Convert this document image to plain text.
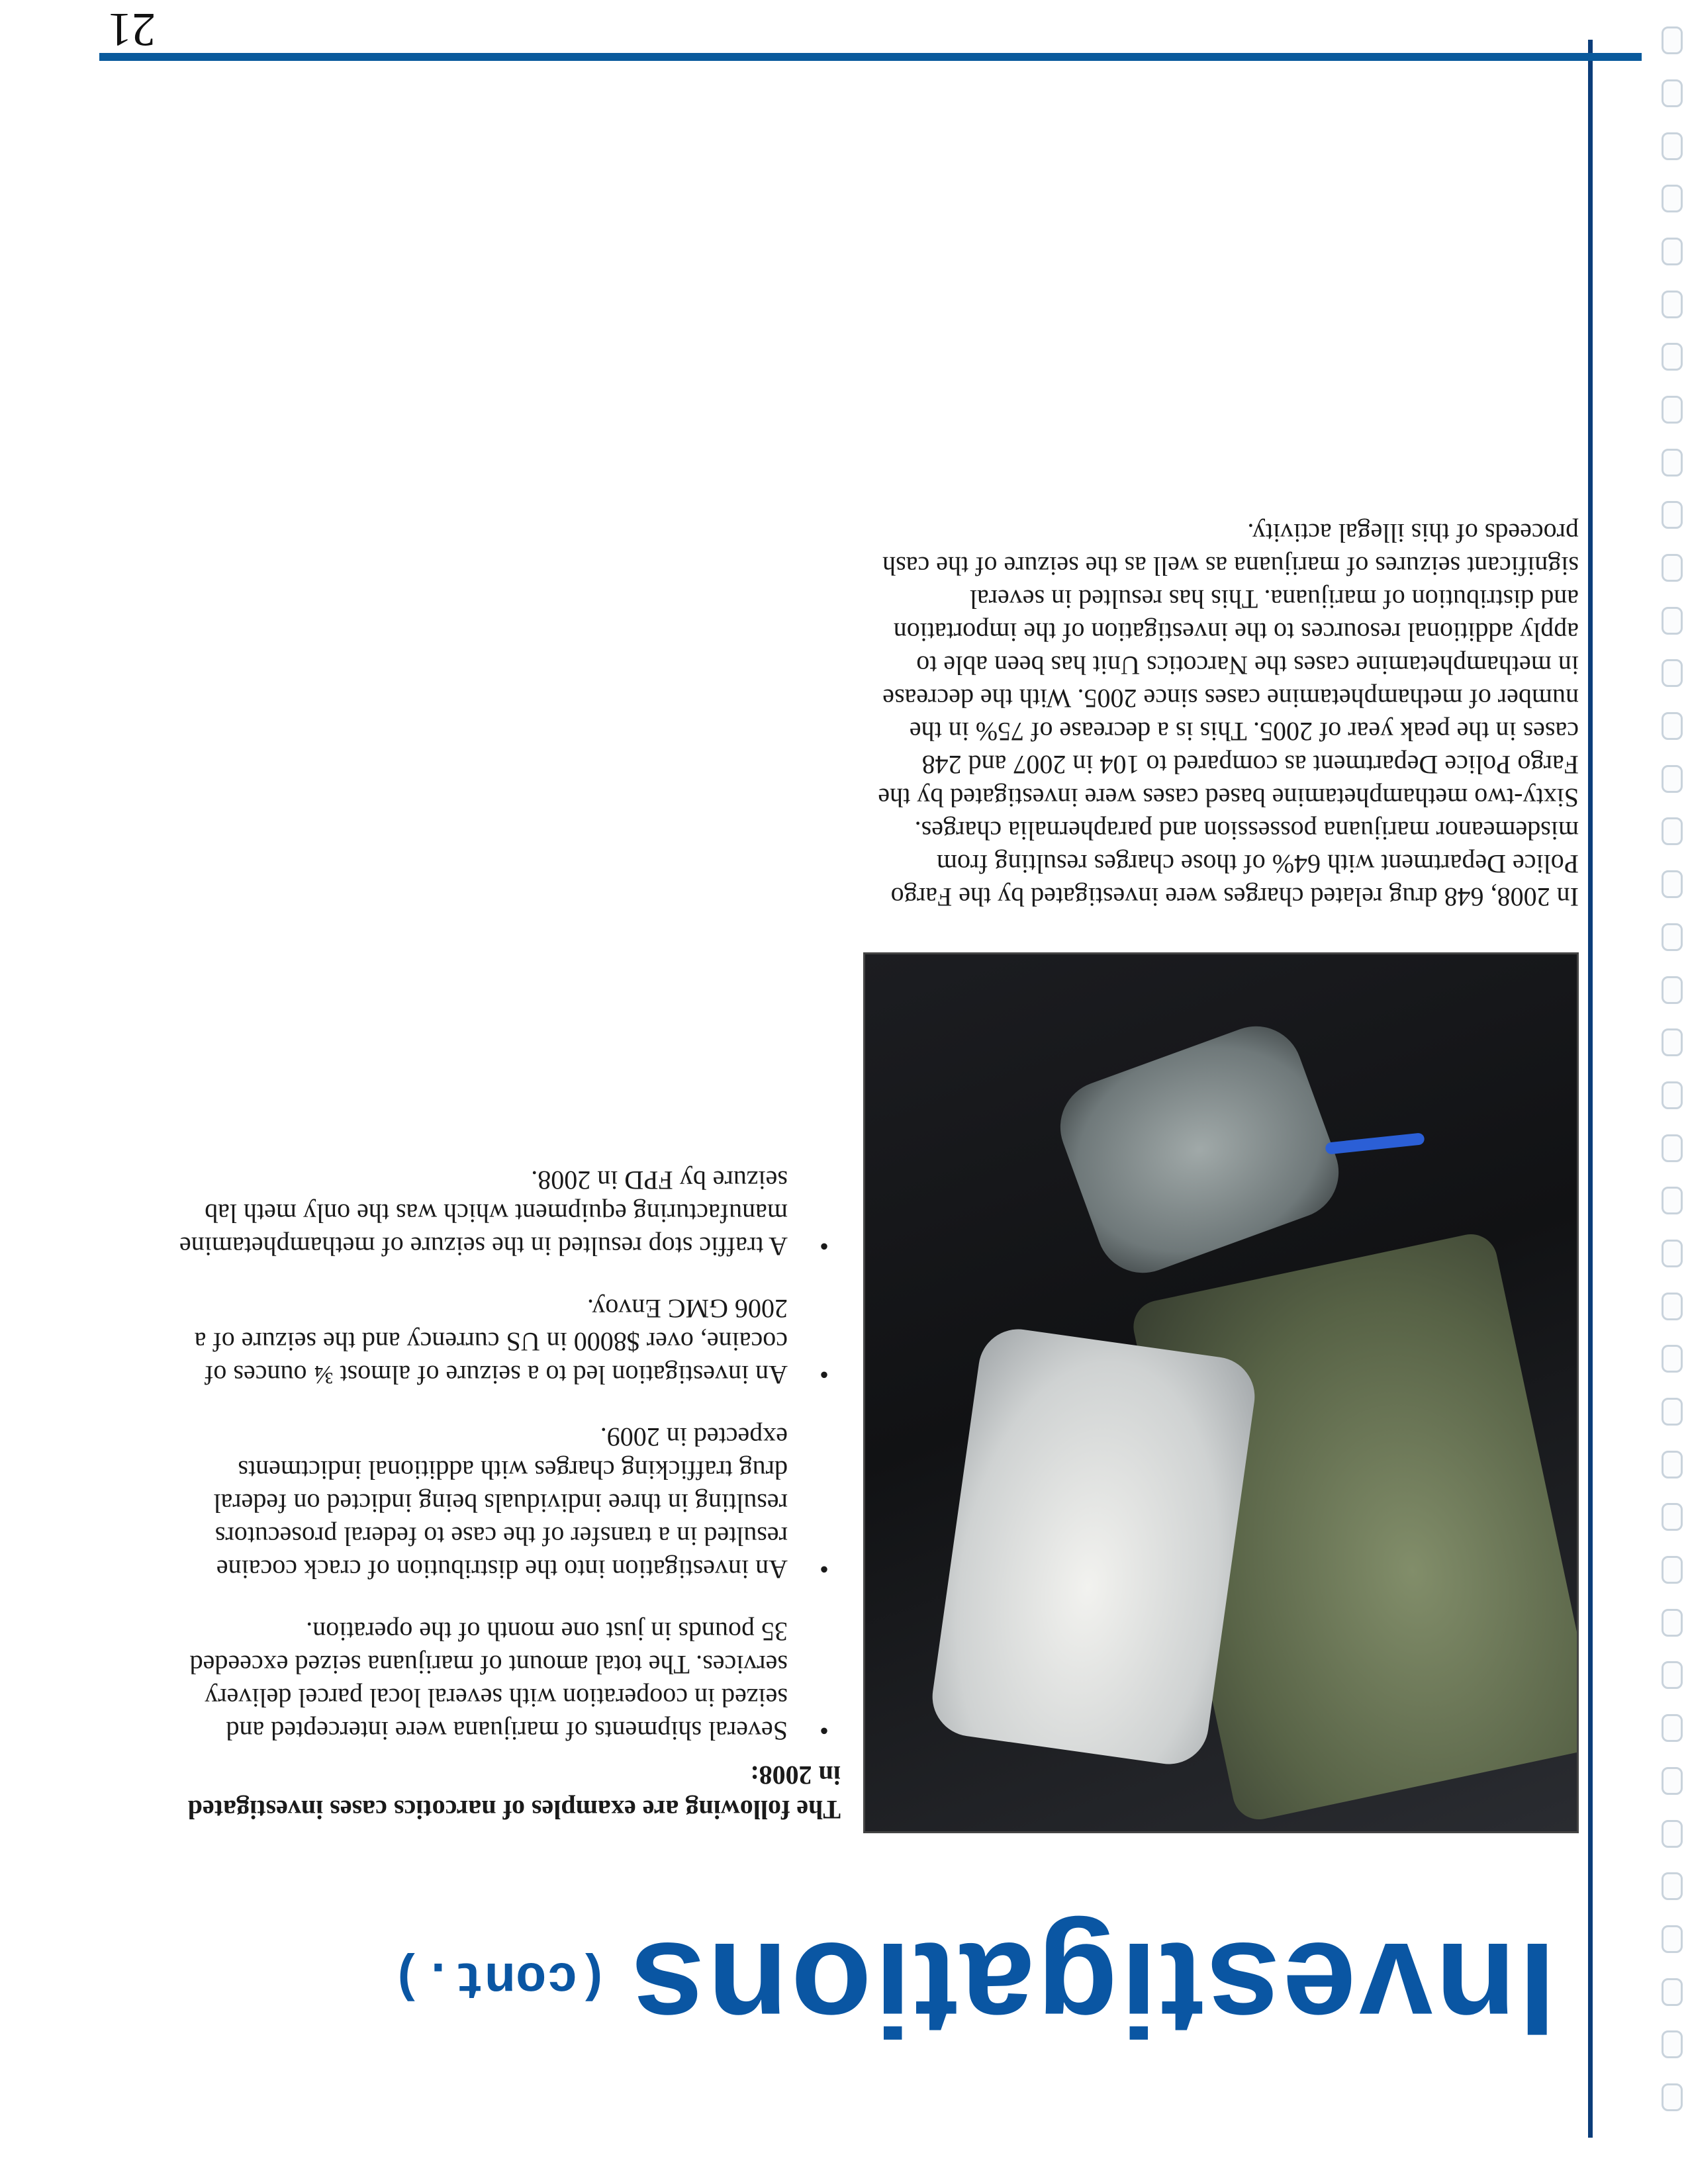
Investigations(cont.)
The following are examples of narcotics cases investigated in 2008:
• Several shipments of marijuana were intercepted and seized in cooperation with several local parcel delivery services. The total amount of marijuana seized exceeded 35 pounds in just one month of the operation.
• An investigation into the distribution of crack cocaine resulted in a transfer of the case to federal prosecutors resulting in three individuals being indicted on federal drug trafficking charges with additional indictments expected in 2009.
• An investigation led to a seizure of almost ¾ ounces of cocaine, over $8000 in US currency and the seizure of a 2006 GMC Envoy.
• A traffic stop resulted in the seizure of methamphetamine manufacturing equipment which was the only meth lab seizure by FPD in 2008.

In 2008, 648 drug related charges were investigated by the Fargo Police Department with 64% of those charges resulting from misdemeanor marijuana possession and paraphernalia charges. Sixty-two methamphetamine based cases were investigated by the Fargo Police Department as compared to 104 in 2007 and 248 cases in the peak year of 2005. This is a decrease of 75% in the number of methamphetamine cases since 2005. With the decrease in methamphetamine cases the Narcotics Unit has been able to apply additional resources to the investigation of the importation and distribution of marijuana. This has resulted in several significant seizures of marijuana as well as the seizure of the cash proceeds of this illegal activity.

21
